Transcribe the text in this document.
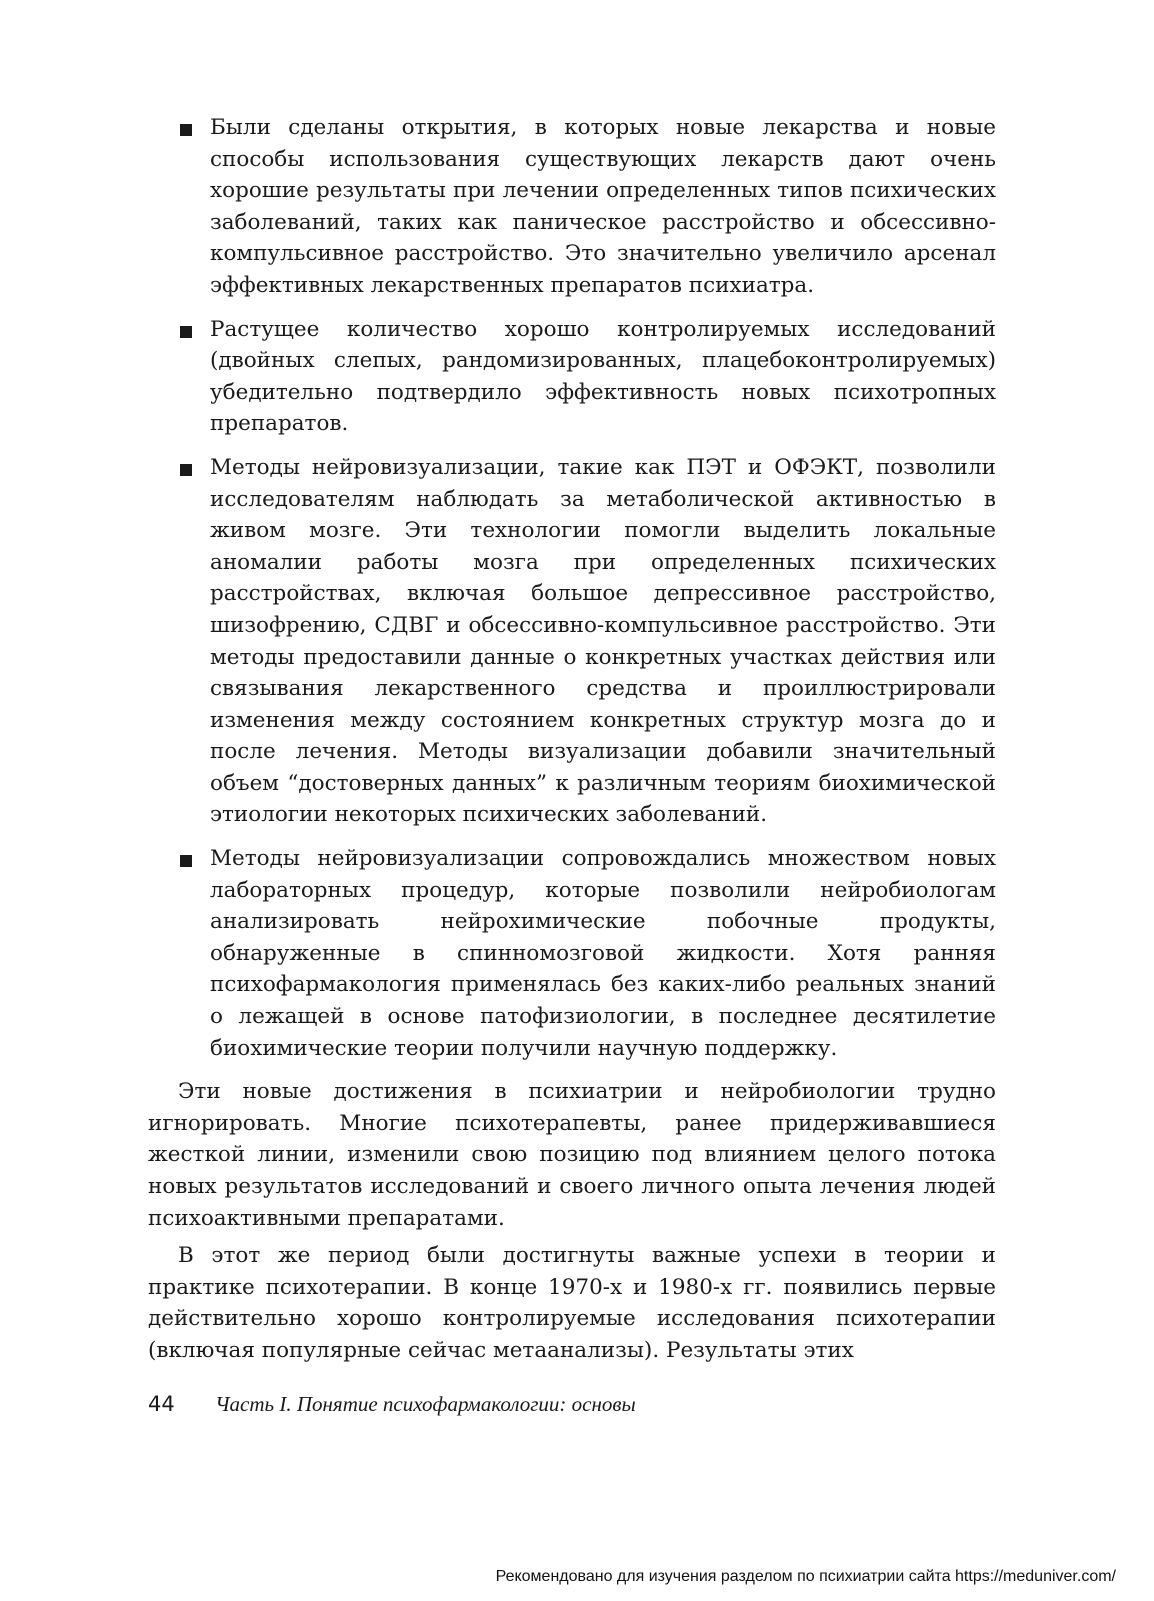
Были сделаны открытия, в которых новые лекарства и новые способы использования существующих лекарств дают очень хорошие результаты при лечении определенных типов психических заболеваний, таких как паническое расстройство и обсессивно-компульсивное расстройство. Это значительно увеличило арсенал эффективных лекарственных препаратов психиатра.
Растущее количество хорошо контролируемых исследований (двойных слепых, рандомизированных, плацебоконтролируемых) убедительно подтвердило эффективность новых психотропных препаратов.
Методы нейровизуализации, такие как ПЭТ и ОФЭКТ, позволили исследователям наблюдать за метаболической активностью в живом мозге. Эти технологии помогли выделить локальные аномалии работы мозга при определенных психических расстройствах, включая большое депрессивное расстройство, шизофрению, СДВГ и обсессивно-компульсивное расстройство. Эти методы предоставили данные о конкретных участках действия или связывания лекарственного средства и проиллюстрировали изменения между состоянием конкретных структур мозга до и после лечения. Методы визуализации добавили значительный объем “достоверных данных” к различным теориям биохимической этиологии некоторых психических заболеваний.
Методы нейровизуализации сопровождались множеством новых лабораторных процедур, которые позволили нейробиологам анализировать нейрохимические побочные продукты, обнаруженные в спинномозговой жидкости. Хотя ранняя психофармакология применялась без каких-либо реальных знаний о лежащей в основе патофизиологии, в последнее десятилетие биохимические теории получили научную поддержку.

Эти новые достижения в психиатрии и нейробиологии трудно игнорировать. Многие психотерапевты, ранее придерживавшиеся жесткой линии, изменили свою позицию под влиянием целого потока новых результатов исследований и своего личного опыта лечения людей психоактивными препаратами.

В этот же период были достигнуты важные успехи в теории и практике психотерапии. В конце 1970-х и 1980-х гг. появились первые действительно хорошо контролируемые исследования психотерапии (включая популярные сейчас метаанализы). Результаты этих

44 Часть I. Понятие психофармакологии: основы
Рекомендовано для изучения разделом по психиатрии сайта https://meduniver.com/
